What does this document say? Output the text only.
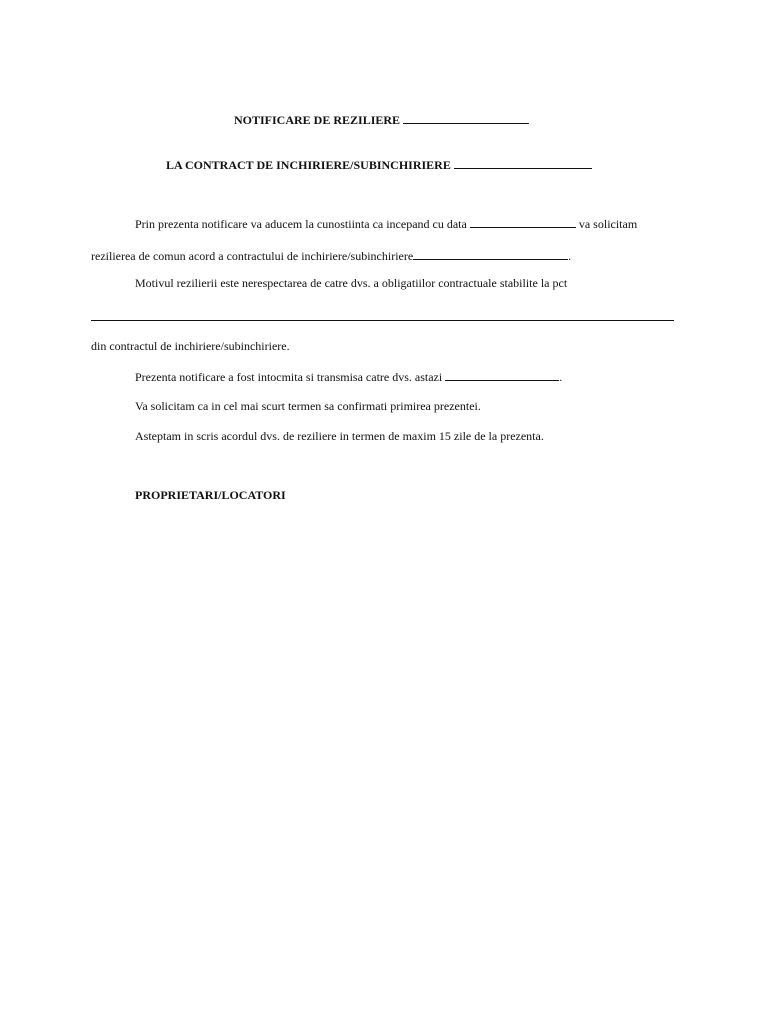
NOTIFICARE DE REZILIERE
LA CONTRACT DE INCHIRIERE/SUBINCHIRIERE
Prin prezenta notificare va aducem la cunostiinta ca incepand cu data	va solicitam
rezilierea de comun acord a contractului de inchiriere/subinchiriere	.
Motivul rezilierii este nerespectarea de catre dvs. a obligatiilor contractuale stabilite la pct
din contractul de inchiriere/subinchiriere.
Prezenta notificare a fost intocmita si transmisa catre dvs. astazi	.
Va solicitam ca in cel mai scurt termen sa confirmati primirea prezentei.
Asteptam in scris acordul dvs. de reziliere in termen de maxim 15 zile de la prezenta.
PROPRIETARI/LOCATORI
